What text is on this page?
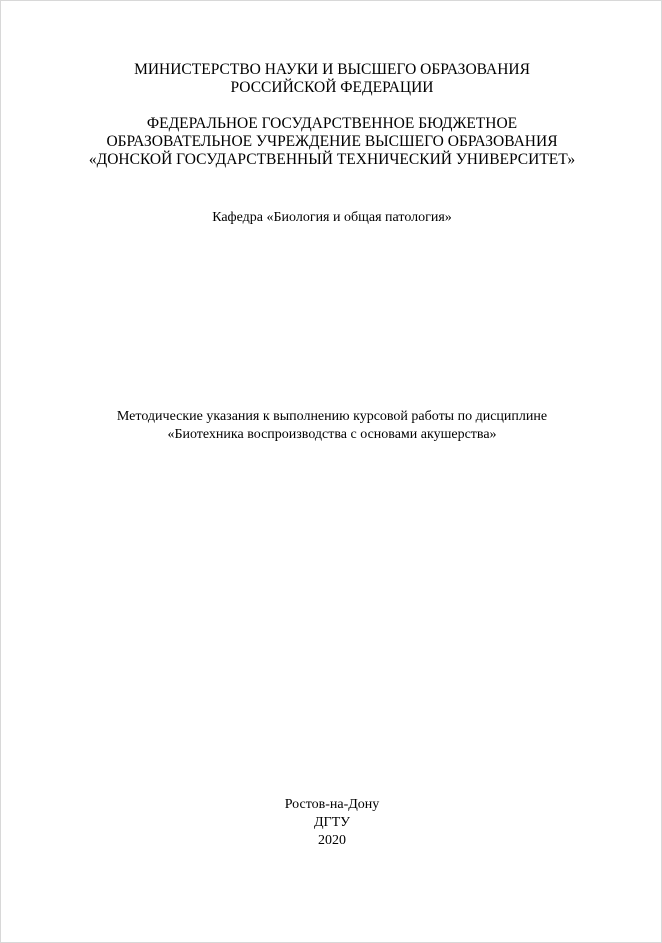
МИНИСТЕРСТВО НАУКИ И ВЫСШЕГО ОБРАЗОВАНИЯ
РОССИЙСКОЙ ФЕДЕРАЦИИ
ФЕДЕРАЛЬНОЕ ГОСУДАРСТВЕННОЕ БЮДЖЕТНОЕ
ОБРАЗОВАТЕЛЬНОЕ УЧРЕЖДЕНИЕ ВЫСШЕГО ОБРАЗОВАНИЯ
«ДОНСКОЙ ГОСУДАРСТВЕННЫЙ ТЕХНИЧЕСКИЙ УНИВЕРСИТЕТ»
Кафедра «Биология и общая патология»
Методические указания к выполнению курсовой работы по дисциплине
«Биотехника воспроизводства с основами акушерства»
Ростов-на-Дону
ДГТУ
2020
